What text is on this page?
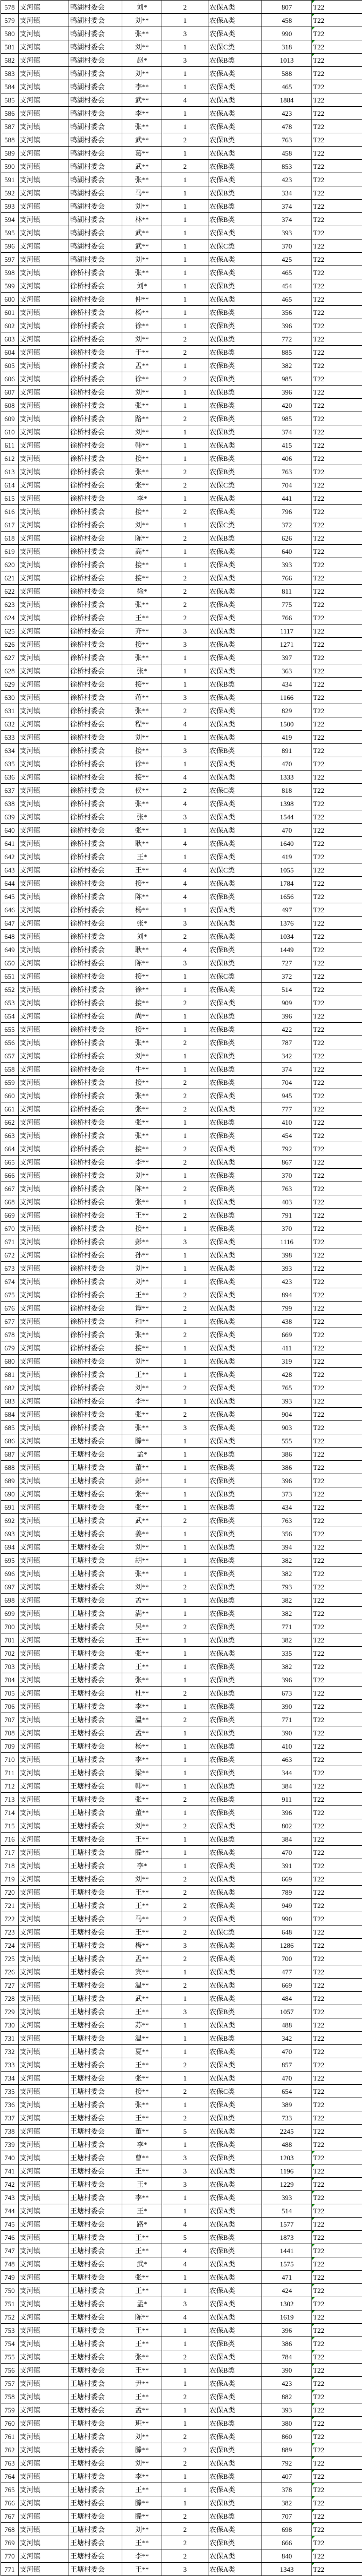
578	支河镇	鸭湖村委会	刘*	2	农保A类	807	T22
579	支河镇	鸭湖村委会	刘**	1	农保A类	458	T22
580	支河镇	鸭湖村委会	张**	3	农保A类	990	T22
581	支河镇	鸭湖村委会	刘**	1	农保C类	318	T22
582	支河镇	鸭湖村委会	赵*	3	农保B类	1013	T22
583	支河镇	鸭湖村委会	刘**	1	农保A类	588	T22
584	支河镇	鸭湖村委会	李**	1	农保A类	465	T22
585	支河镇	鸭湖村委会	武**	4	农保A类	1884	T22
586	支河镇	鸭湖村委会	李**	1	农保A类	423	T22
587	支河镇	鸭湖村委会	张**	1	农保A类	478	T22
588	支河镇	鸭湖村委会	武**	2	农保B类	763	T22
589	支河镇	鸭湖村委会	葛**	1	农保A类	458	T22
590	支河镇	鸭湖村委会	武**	2	农保B类	853	T22
591	支河镇	鸭湖村委会	张**	1	农保A类	423	T22
592	支河镇	鸭湖村委会	马**	1	农保B类	334	T22
593	支河镇	鸭湖村委会	刘**	1	农保B类	374	T22
594	支河镇	鸭湖村委会	林**	1	农保B类	374	T22
595	支河镇	鸭湖村委会	武**	1	农保A类	393	T22
596	支河镇	鸭湖村委会	武**	1	农保C类	370	T22
597	支河镇	鸭湖村委会	刘**	1	农保A类	425	T22
598	支河镇	徐桥村委会	张**	1	农保A类	465	T22
599	支河镇	徐桥村委会	刘*	1	农保B类	454	T22
600	支河镇	徐桥村委会	仲**	1	农保A类	465	T22
601	支河镇	徐桥村委会	杨**	1	农保B类	356	T22
602	支河镇	徐桥村委会	徐**	1	农保B类	396	T22
603	支河镇	徐桥村委会	刘**	2	农保B类	772	T22
604	支河镇	徐桥村委会	于**	2	农保B类	885	T22
605	支河镇	徐桥村委会	孟**	1	农保B类	382	T22
606	支河镇	徐桥村委会	徐**	2	农保B类	985	T22
607	支河镇	徐桥村委会	刘**	1	农保B类	396	T22
608	支河镇	徐桥村委会	张**	1	农保B类	420	T22
609	支河镇	徐桥村委会	路**	2	农保B类	985	T22
610	支河镇	徐桥村委会	刘**	1	农保B类	374	T22
611	支河镇	徐桥村委会	韩**	1	农保A类	415	T22
612	支河镇	徐桥村委会	接**	1	农保B类	406	T22
613	支河镇	徐桥村委会	张**	2	农保B类	763	T22
614	支河镇	徐桥村委会	张**	2	农保C类	704	T22
615	支河镇	徐桥村委会	李*	1	农保A类	441	T22
616	支河镇	徐桥村委会	接**	2	农保A类	796	T22
617	支河镇	徐桥村委会	刘**	1	农保C类	372	T22
618	支河镇	徐桥村委会	陈**	2	农保B类	626	T22
619	支河镇	徐桥村委会	高**	1	农保A类	640	T22
620	支河镇	徐桥村委会	接**	1	农保A类	393	T22
621	支河镇	徐桥村委会	接**	2	农保A类	766	T22
622	支河镇	徐桥村委会	徐*	2	农保A类	811	T22
623	支河镇	徐桥村委会	张**	2	农保A类	775	T22
624	支河镇	徐桥村委会	王**	2	农保A类	766	T22
625	支河镇	徐桥村委会	齐**	3	农保A类	1117	T22
626	支河镇	徐桥村委会	接**	3	农保A类	1271	T22
627	支河镇	徐桥村委会	张**	1	农保A类	397	T22
628	支河镇	徐桥村委会	张*	1	农保A类	363	T22
629	支河镇	徐桥村委会	接**	1	农保B类	434	T22
630	支河镇	徐桥村委会	蒋**	3	农保A类	1166	T22
631	支河镇	徐桥村委会	张**	2	农保A类	829	T22
632	支河镇	徐桥村委会	程**	4	农保A类	1500	T22
633	支河镇	徐桥村委会	刘**	1	农保A类	419	T22
634	支河镇	徐桥村委会	接**	3	农保B类	891	T22
635	支河镇	徐桥村委会	徐**	1	农保A类	470	T22
636	支河镇	徐桥村委会	接**	4	农保A类	1333	T22
637	支河镇	徐桥村委会	侯**	2	农保C类	818	T22
638	支河镇	徐桥村委会	张**	4	农保A类	1398	T22
639	支河镇	徐桥村委会	张*	3	农保A类	1544	T22
640	支河镇	徐桥村委会	张**	1	农保A类	470	T22
641	支河镇	徐桥村委会	耿**	4	农保A类	1640	T22
642	支河镇	徐桥村委会	王*	1	农保A类	419	T22
643	支河镇	徐桥村委会	王**	4	农保C类	1055	T22
644	支河镇	徐桥村委会	接**	4	农保A类	1784	T22
645	支河镇	徐桥村委会	陈**	4	农保B类	1656	T22
646	支河镇	徐桥村委会	杨**	1	农保A类	497	T22
647	支河镇	徐桥村委会	张*	3	农保A类	1376	T22
648	支河镇	徐桥村委会	刘*	2	农保A类	1034	T22
649	支河镇	徐桥村委会	耿**	4	农保B类	1449	T22
650	支河镇	徐桥村委会	陈**	3	农保B类	727	T22
651	支河镇	徐桥村委会	接**	1	农保C类	372	T22
652	支河镇	徐桥村委会	徐**	1	农保A类	514	T22
653	支河镇	徐桥村委会	接**	2	农保A类	909	T22
654	支河镇	徐桥村委会	尚**	1	农保B类	396	T22
655	支河镇	徐桥村委会	接**	1	农保B类	422	T22
656	支河镇	徐桥村委会	张**	2	农保B类	787	T22
657	支河镇	徐桥村委会	刘**	1	农保B类	342	T22
658	支河镇	徐桥村委会	牛**	1	农保B类	374	T22
659	支河镇	徐桥村委会	接**	2	农保B类	704	T22
660	支河镇	徐桥村委会	张**	2	农保A类	945	T22
661	支河镇	徐桥村委会	张**	2	农保A类	777	T22
662	支河镇	徐桥村委会	张**	1	农保B类	410	T22
663	支河镇	徐桥村委会	张**	1	农保B类	454	T22
664	支河镇	徐桥村委会	接**	2	农保A类	792	T22
665	支河镇	徐桥村委会	李**	2	农保A类	867	T22
666	支河镇	徐桥村委会	刘**	1	农保B类	370	T22
667	支河镇	徐桥村委会	陈**	2	农保B类	763	T22
668	支河镇	徐桥村委会	张**	1	农保A类	403	T22
669	支河镇	徐桥村委会	王**	2	农保B类	791	T22
670	支河镇	徐桥村委会	接**	1	农保B类	370	T22
671	支河镇	徐桥村委会	彭**	3	农保A类	1116	T22
672	支河镇	徐桥村委会	孙**	1	农保A类	398	T22
673	支河镇	徐桥村委会	刘**	1	农保A类	393	T22
674	支河镇	徐桥村委会	刘**	1	农保A类	423	T22
675	支河镇	徐桥村委会	王**	2	农保A类	894	T22
676	支河镇	徐桥村委会	谭**	2	农保A类	799	T22
677	支河镇	徐桥村委会	和**	1	农保A类	438	T22
678	支河镇	徐桥村委会	张**	2	农保A类	669	T22
679	支河镇	徐桥村委会	接**	1	农保A类	411	T22
680	支河镇	徐桥村委会	刘**	1	农保A类	319	T22
681	支河镇	徐桥村委会	王**	1	农保A类	428	T22
682	支河镇	徐桥村委会	刘**	2	农保A类	765	T22
683	支河镇	徐桥村委会	李**	1	农保A类	393	T22
684	支河镇	徐桥村委会	张**	2	农保A类	904	T22
685	支河镇	徐桥村委会	张**	3	农保A类	903	T22
686	支河镇	王塘村委会	滕**	1	农保A类	555	T22
687	支河镇	王塘村委会	孟*	1	农保B类	386	T22
688	支河镇	王塘村委会	董**	1	农保B类	386	T22
689	支河镇	王塘村委会	彭**	1	农保B类	396	T22
690	支河镇	王塘村委会	张**	1	农保B类	373	T22
691	支河镇	王塘村委会	张**	1	农保B类	434	T22
692	支河镇	王塘村委会	武**	2	农保B类	763	T22
693	支河镇	王塘村委会	姜**	1	农保B类	356	T22
694	支河镇	王塘村委会	刘**	1	农保B类	394	T22
695	支河镇	王塘村委会	胡**	1	农保B类	382	T22
696	支河镇	王塘村委会	张**	1	农保B类	382	T22
697	支河镇	王塘村委会	刘**	2	农保B类	793	T22
698	支河镇	王塘村委会	孟**	1	农保B类	382	T22
699	支河镇	王塘村委会	满**	1	农保B类	382	T22
700	支河镇	王塘村委会	吴**	2	农保B类	771	T22
701	支河镇	王塘村委会	王**	1	农保B类	382	T22
702	支河镇	王塘村委会	张**	1	农保A类	335	T22
703	支河镇	王塘村委会	王**	1	农保B类	382	T22
704	支河镇	王塘村委会	张**	1	农保B类	396	T22
705	支河镇	王塘村委会	杜**	2	农保B类	673	T22
706	支河镇	王塘村委会	李**	1	农保B类	390	T22
707	支河镇	王塘村委会	温**	2	农保B类	771	T22
708	支河镇	王塘村委会	孟**	1	农保B类	390	T22
709	支河镇	王塘村委会	杨**	1	农保B类	410	T22
710	支河镇	王塘村委会	李**	1	农保B类	463	T22
711	支河镇	王塘村委会	梁**	1	农保B类	344	T22
712	支河镇	王塘村委会	韩**	1	农保B类	384	T22
713	支河镇	王塘村委会	张**	2	农保B类	911	T22
714	支河镇	王塘村委会	董**	1	农保B类	396	T22
715	支河镇	王塘村委会	刘**	2	农保A类	802	T22
716	支河镇	王塘村委会	王**	1	农保B类	384	T22
717	支河镇	王塘村委会	滕**	1	农保A类	470	T22
718	支河镇	王塘村委会	李*	1	农保A类	391	T22
719	支河镇	王塘村委会	刘**	2	农保A类	669	T22
720	支河镇	王塘村委会	王**	2	农保A类	789	T22
721	支河镇	王塘村委会	王**	2	农保A类	949	T22
722	支河镇	王塘村委会	马**	2	农保A类	990	T22
723	支河镇	王塘村委会	王**	2	农保C类	648	T22
724	支河镇	王塘村委会	梅**	3	农保A类	1286	T22
725	支河镇	王塘村委会	孟**	2	农保A类	700	T22
726	支河镇	王塘村委会	宾**	1	农保A类	477	T22
727	支河镇	王塘村委会	温**	2	农保A类	669	T22
728	支河镇	王塘村委会	武**	1	农保A类	484	T22
729	支河镇	王塘村委会	王**	3	农保B类	1057	T22
730	支河镇	王塘村委会	苏**	1	农保A类	488	T22
731	支河镇	王塘村委会	温**	1	农保B类	342	T22
732	支河镇	王塘村委会	夏**	1	农保A类	470	T22
733	支河镇	王塘村委会	王**	2	农保A类	857	T22
734	支河镇	王塘村委会	张**	1	农保A类	470	T22
735	支河镇	王塘村委会	接**	2	农保C类	654	T22
736	支河镇	王塘村委会	张**	1	农保A类	389	T22
737	支河镇	王塘村委会	王**	2	农保B类	733	T22
738	支河镇	王塘村委会	董**	5	农保A类	2245	T22
739	支河镇	王塘村委会	李*	1	农保A类	488	T22
740	支河镇	王塘村委会	曹**	3	农保B类	1203	T22
741	支河镇	王塘村委会	王**	3	农保A类	1196	T22
742	支河镇	王塘村委会	王*	3	农保A类	1229	T22
743	支河镇	王塘村委会	李**	1	农保A类	393	T22
744	支河镇	王塘村委会	王*	1	农保A类	514	T22
745	支河镇	王塘村委会	路*	4	农保A类	1577	T22
746	支河镇	王塘村委会	王**	5	农保B类	1873	T22
747	支河镇	王塘村委会	王**	4	农保B类	1441	T22
748	支河镇	王塘村委会	武*	4	农保A类	1575	T22
749	支河镇	王塘村委会	张**	1	农保A类	471	T22
750	支河镇	王塘村委会	王**	1	农保A类	424	T22
751	支河镇	王塘村委会	孟*	3	农保A类	1302	T22
752	支河镇	王塘村委会	陈**	4	农保A类	1619	T22
753	支河镇	王塘村委会	王**	1	农保A类	396	T22
754	支河镇	王塘村委会	王**	1	农保B类	386	T22
755	支河镇	王塘村委会	张**	2	农保A类	784	T22
756	支河镇	王塘村委会	王**	1	农保B类	390	T22
757	支河镇	王塘村委会	尹**	1	农保A类	423	T22
758	支河镇	王塘村委会	王**	2	农保A类	882	T22
759	支河镇	王塘村委会	孟**	1	农保A类	393	T22
760	支河镇	王塘村委会	班**	1	农保B类	380	T22
761	支河镇	王塘村委会	刘**	2	农保A类	860	T22
762	支河镇	王塘村委会	滕**	2	农保B类	889	T22
763	支河镇	王塘村委会	刘**	2	农保A类	792	T22
764	支河镇	王塘村委会	李**	1	农保B类	407	T22
765	支河镇	王塘村委会	王**	1	农保A类	378	T22
766	支河镇	王塘村委会	滕**	1	农保B类	382	T22
767	支河镇	王塘村委会	滕**	2	农保B类	707	T22
768	支河镇	王塘村委会	刘**	2	农保A类	698	T22
769	支河镇	王塘村委会	王**	2	农保B类	666	T22
770	支河镇	王塘村委会	李**	2	农保A类	840	T22
771	支河镇	王塘村委会	王**	3	农保A类	1343	T22
